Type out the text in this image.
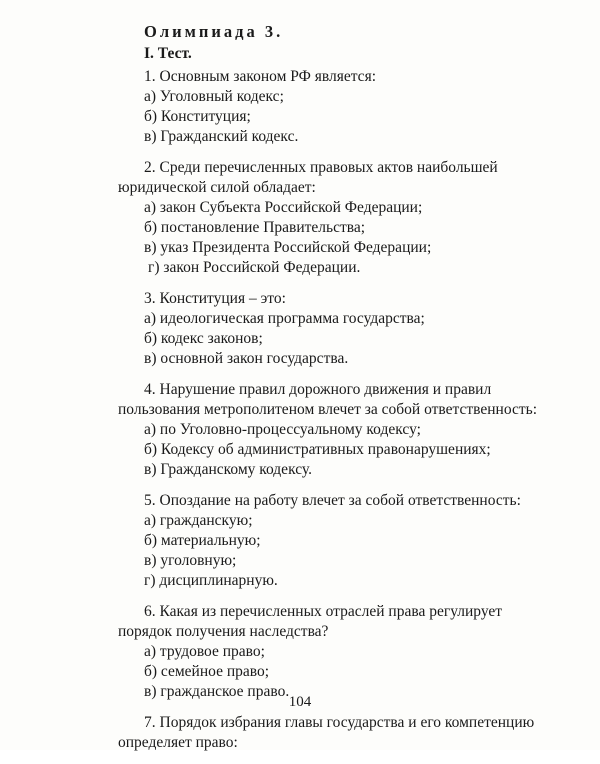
Олимпиада 3.
I. Тест.
1. Основным законом РФ является:
а) Уголовный кодекс;
б) Конституция;
в) Гражданский кодекс.
2. Среди перечисленных правовых актов наибольшей юридической силой обладает:
а) закон Субъекта Российской Федерации;
б) постановление Правительства;
в) указ Президента Российской Федерации;
г) закон Российской Федерации.
3. Конституция – это:
а) идеологическая программа государства;
б) кодекс законов;
в) основной закон государства.
4. Нарушение правил дорожного движения и правил пользования метрополитеном влечет за собой ответственность:
а) по Уголовно-процессуальному кодексу;
б) Кодексу об административных правонарушениях;
в) Гражданскому кодексу.
5. Опоздание на работу влечет за собой ответственность:
а) гражданскую;
б) материальную;
в) уголовную;
г) дисциплинарную.
6. Какая из перечисленных отраслей права регулирует порядок получения наследства?
а) трудовое право;
б) семейное право;
в) гражданское право.
7. Порядок избрания главы государства и его компетенцию определяет право:
104
